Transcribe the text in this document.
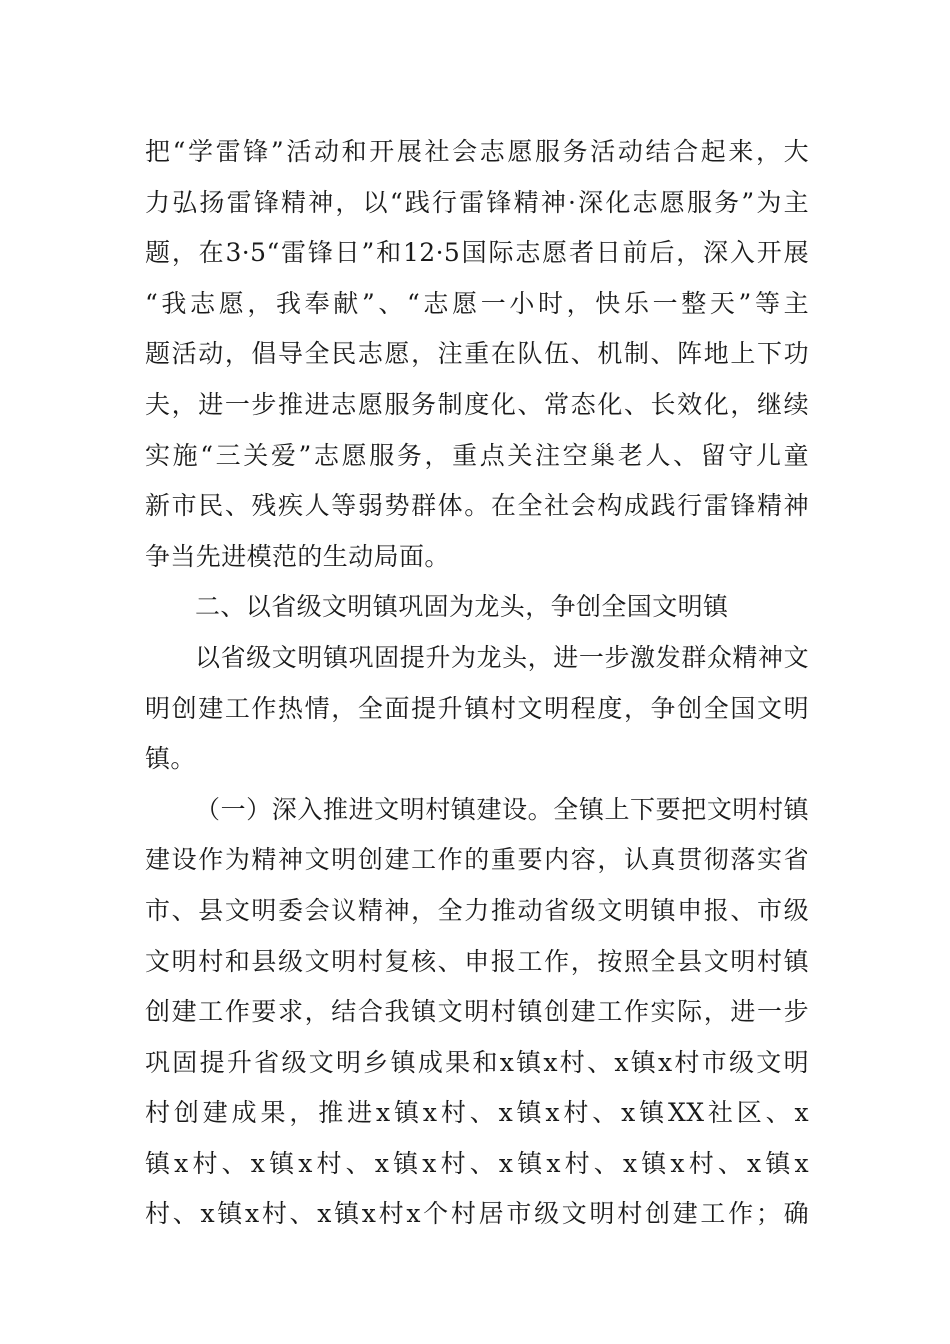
把“学雷锋”活动和开展社会志愿服务活动结合起来，大
力弘扬雷锋精神，以“践行雷锋精神·深化志愿服务”为主
题，在3·5“雷锋日”和12·5国际志愿者日前后，深入开展
“我志愿，我奉献”、“志愿一小时，快乐一整天”等主
题活动，倡导全民志愿，注重在队伍、机制、阵地上下功
夫，进一步推进志愿服务制度化、常态化、长效化，继续
实施“三关爱”志愿服务，重点关注空巢老人、留守儿童
新市民、残疾人等弱势群体。在全社会构成践行雷锋精神
争当先进模范的生动局面。
二、以省级文明镇巩固为龙头，争创全国文明镇
以省级文明镇巩固提升为龙头，进一步激发群众精神文
明创建工作热情，全面提升镇村文明程度，争创全国文明
镇。
（一）深入推进文明村镇建设。全镇上下要把文明村镇
建设作为精神文明创建工作的重要内容，认真贯彻落实省
市、县文明委会议精神，全力推动省级文明镇申报、市级
文明村和县级文明村复核、申报工作，按照全县文明村镇
创建工作要求，结合我镇文明村镇创建工作实际，进一步
巩固提升省级文明乡镇成果和x镇x村、x镇x村市级文明
村创建成果，推进x镇x村、x镇x村、x镇XX社区、x
镇x村、x镇x村、x镇x村、x镇x村、x镇x村、x镇x
村、x镇x村、x镇x村x个村居市级文明村创建工作；确
